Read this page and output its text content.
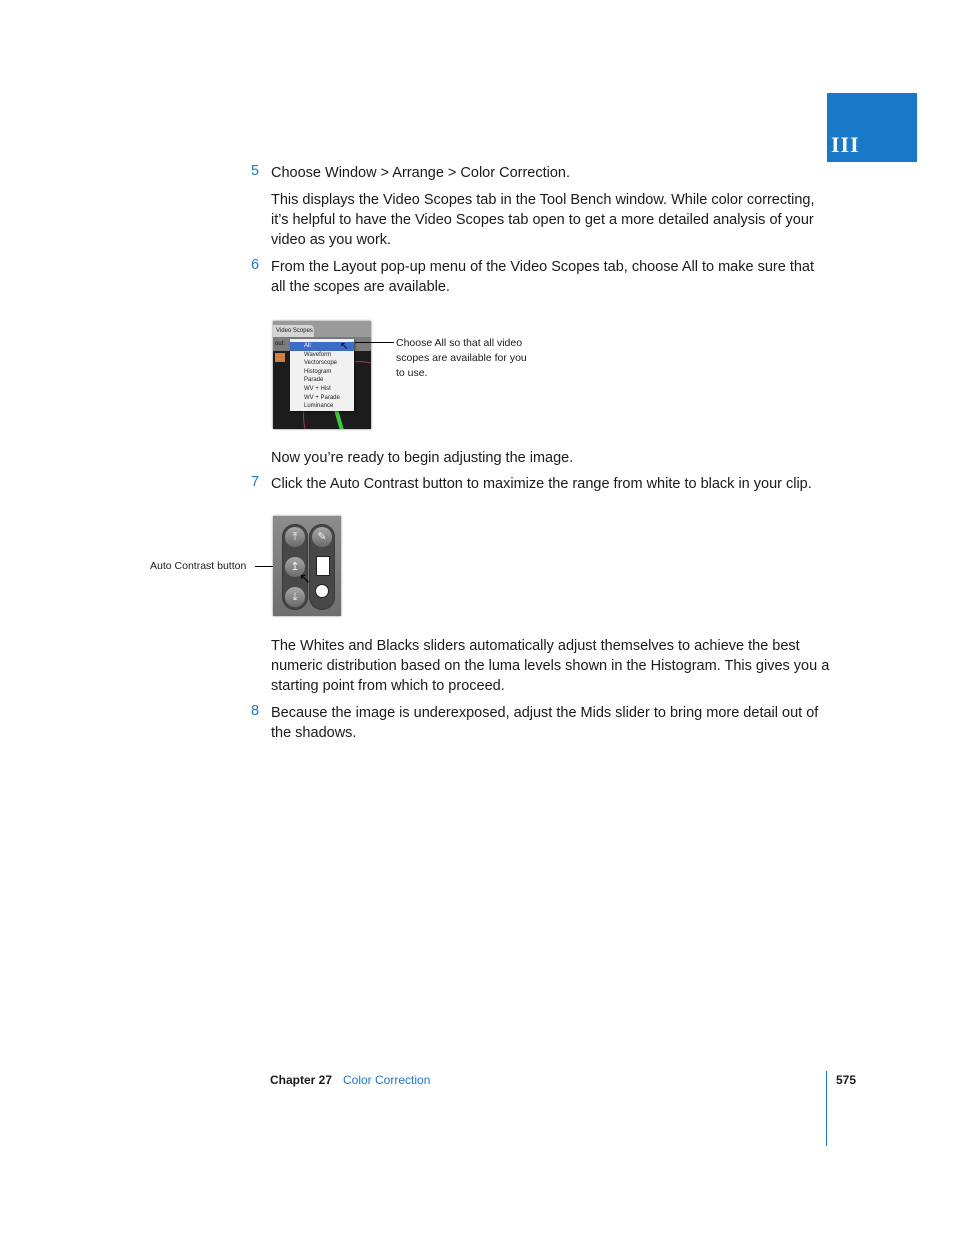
III
5 Choose Window > Arrange > Color Correction.
This displays the Video Scopes tab in the Tool Bench window. While color correcting, it’s helpful to have the Video Scopes tab open to get a more detailed analysis of your video as you work.
6 From the Layout pop-up menu of the Video Scopes tab, choose All to make sure that all the scopes are available.
Video Scopes
out:	All
Waveform
Vectorscope
Histogram
Parade
WV + Hist
WV + Parade
Luminance
↖	Choose All so that all video scopes are available for you to use.
Now you’re ready to begin adjusting the image.
7 Click the Auto Contrast button to maximize the range from white to black in your clip.
Auto Contrast button
⤒
↥
⤓
✎
↖
The Whites and Blacks sliders automatically adjust themselves to achieve the best numeric distribution based on the luma levels shown in the Histogram. This gives you a starting point from which to proceed.
8 Because the image is underexposed, adjust the Mids slider to bring more detail out of the shadows.
Chapter 27 Color Correction	575
